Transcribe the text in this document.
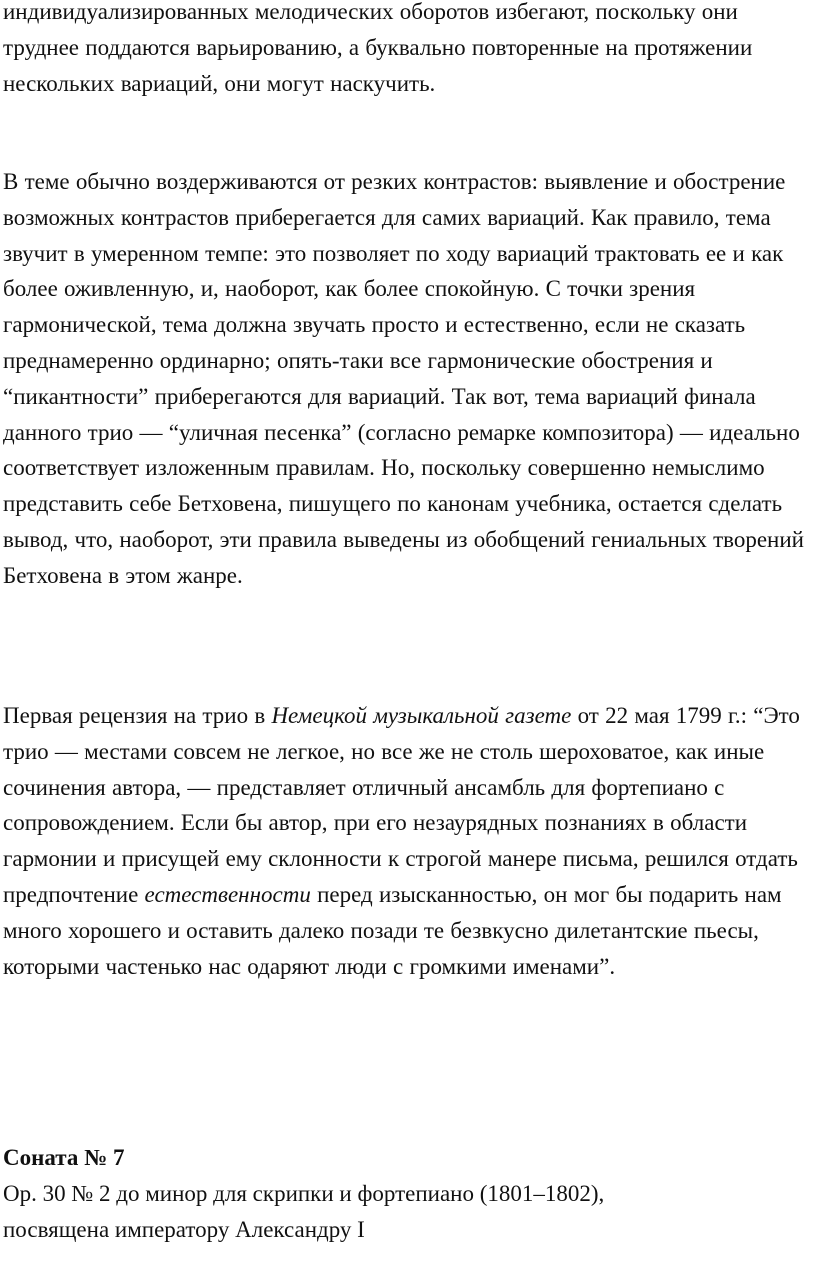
индивидуализированных мелодических оборотов избегают, поскольку они труднее поддаются варьированию, а буквально повторенные на протяжении нескольких вариаций, они могут наскучить.

В теме обычно воздерживаются от резких контрастов: выявление и обострение возможных контрастов приберегается для самих вариаций. Как правило, тема звучит в умеренном темпе: это позволяет по ходу вариаций трактовать ее и как более оживленную, и, наоборот, как более спокойную. С точки зрения гармонической, тема должна звучать просто и естественно, если не сказать преднамеренно ординарно; опять-таки все гармонические обострения и “пикантности” приберегаются для вариаций. Так вот, тема вариаций финала данного трио — “уличная песенка” (согласно ремарке композитора) — идеально соответствует изложенным правилам. Но, поскольку совершенно немыслимо представить себе Бетховена, пишущего по канонам учебника, остается сделать вывод, что, наоборот, эти правила выведены из обобщений гениальных творений Бетховена в этом жанре.

Первая рецензия на трио в Немецкой музыкальной газете от 22 мая 1799 г.: “Это трио — местами совсем не легкое, но все же не столь шероховатое, как иные сочинения автора, — представляет отличный ансамбль для фортепиано с сопровождением. Если бы автор, при его незаурядных познаниях в области гармонии и присущей ему склонности к строгой манере письма, решился отдать предпочтение естественности перед изысканностью, он мог бы подарить нам много хорошего и оставить далеко позади те безвкусно дилетантские пьесы, которыми частенько нас одаряют люди с громкими именами”.

Соната № 7

Op. 30 № 2 до минор для скрипки и фортепиано (1801–1802),
посвящена императору Александру I
